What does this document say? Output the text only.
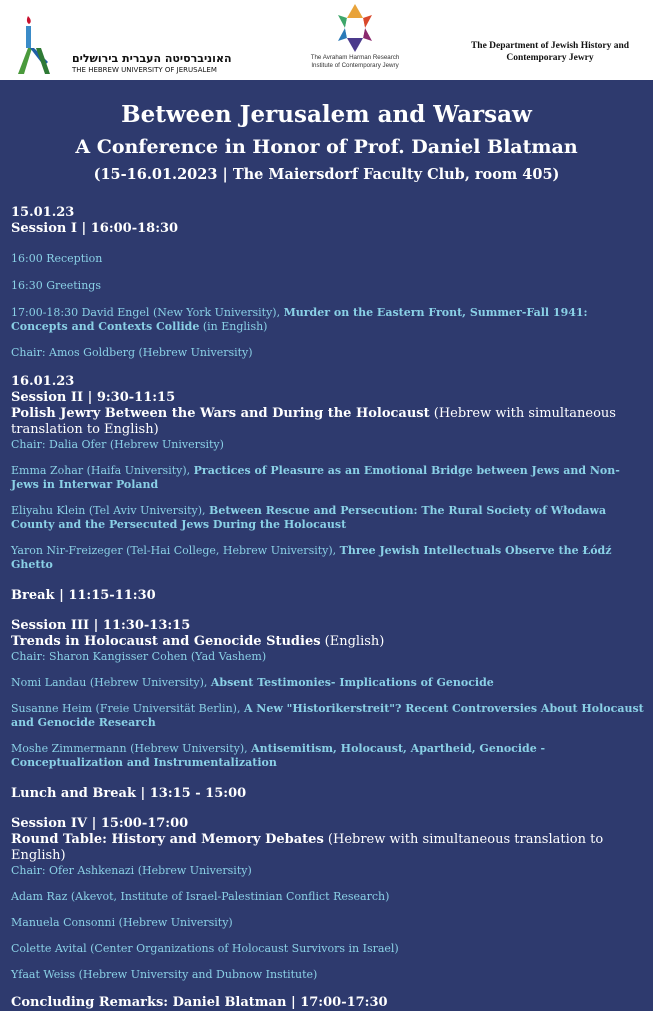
האוניברסיטה העברית בירושלים
THE HEBREW UNIVERSITY OF JERUSALEM
The Avraham Harman Research
Institute of Contemporary Jewry
The Department of Jewish History and
Contemporary Jewry
Between Jerusalem and Warsaw
A Conference in Honor of Prof. Daniel Blatman
(15-16.01.2023 | The Maiersdorf Faculty Club, room 405)
15.01.23
Session I | 16:00-18:30
16:00 Reception
16:30 Greetings
17:00-18:30 David Engel (New York University), Murder on the Eastern Front, Summer-Fall 1941: Concepts and Contexts Collide (in English)
Chair: Amos Goldberg (Hebrew University)
16.01.23
Session II | 9:30-11:15
Polish Jewry Between the Wars and During the Holocaust (Hebrew with simultaneous translation to English)
Chair: Dalia Ofer (Hebrew University)
Emma Zohar (Haifa University), Practices of Pleasure as an Emotional Bridge between Jews and Non-Jews in Interwar Poland
Eliyahu Klein (Tel Aviv University), Between Rescue and Persecution: The Rural Society of Włodawa County and the Persecuted Jews During the Holocaust
Yaron Nir-Freizeger (Tel-Hai College, Hebrew University), Three Jewish Intellectuals Observe the Łódź Ghetto
Break | 11:15-11:30
Session III | 11:30-13:15
Trends in Holocaust and Genocide Studies (English)
Chair: Sharon Kangisser Cohen (Yad Vashem)
Nomi Landau (Hebrew University), Absent Testimonies- Implications of Genocide
Susanne Heim (Freie Universität Berlin), A New "Historikerstreit"? Recent Controversies About Holocaust and Genocide Research
Moshe Zimmermann (Hebrew University), Antisemitism, Holocaust, Apartheid, Genocide - Conceptualization and Instrumentalization
Lunch and Break | 13:15 - 15:00
Session IV | 15:00-17:00
Round Table: History and Memory Debates (Hebrew with simultaneous translation to English)
Chair: Ofer Ashkenazi (Hebrew University)
Adam Raz (Akevot, Institute of Israel-Palestinian Conflict Research)
Manuela Consonni (Hebrew University)
Colette Avital (Center Organizations of Holocaust Survivors in Israel)
Yfaat Weiss (Hebrew University and Dubnow Institute)
Concluding Remarks: Daniel Blatman | 17:00-17:30
